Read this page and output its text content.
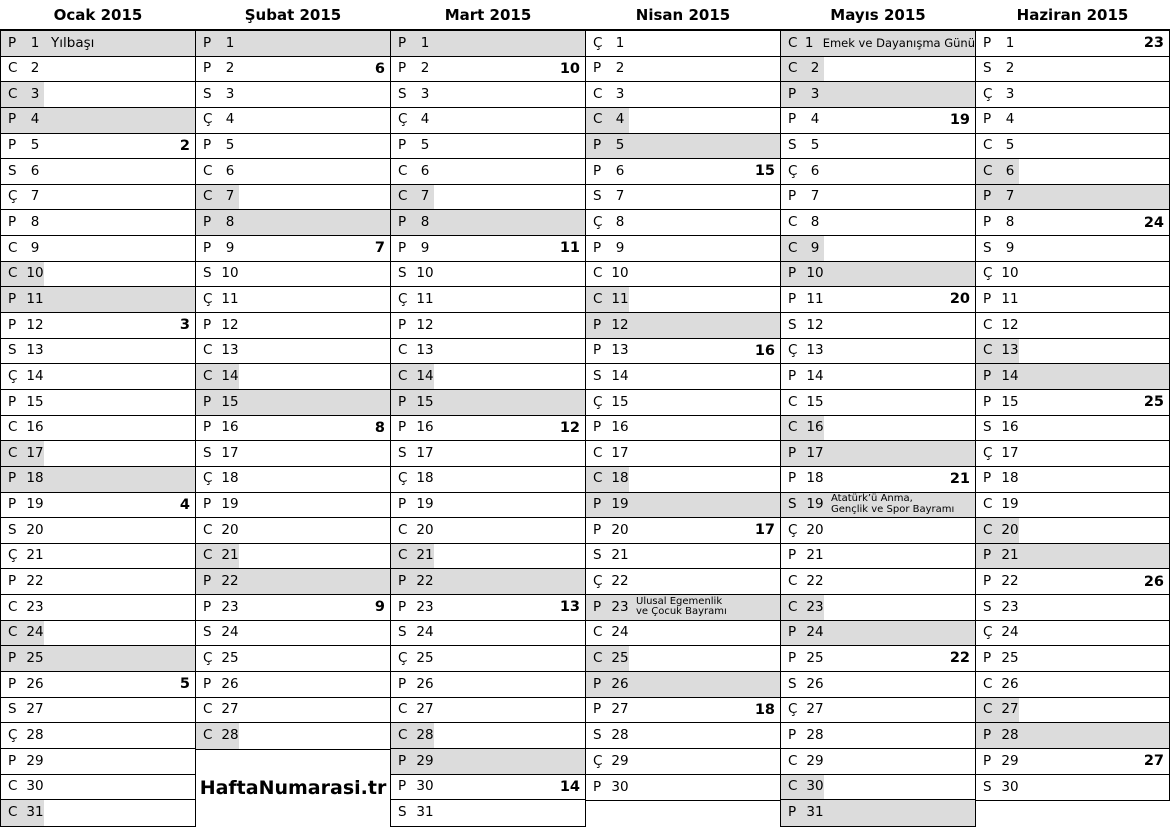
Ocak 2015
P	1 Yılbaşı
C 2
C 3
P	4
P	5	2
S	6
Ç 7
P	8
C 9
C 10
P 11
P 12	3
S 13
Ç 14
P 15
C 16
C 17
P 18
P 19	4
S 20
Ç 21
P 22
C 23
C 24
P 25
P 26	5
S 27
Ç 28
P 29
C 30
C 31
Şubat 2015
P	1
P	2	6
S	3
Ç 4
P	5
C 6
C 7
P	8
P	9	7
S 10
Ç 11
P 12
C 13
C 14
P 15
P 16	8
S 17
Ç 18
P 19
C 20
C 21
P 22
P 23	9
S 24
Ç 25
P 26
C 27
C 28
HaftaNumarasi.tr
Mart 2015
P	1
P	2	10
S	3
Ç 4
P	5
C 6
C 7
P	8
P	9	11
S 10
Ç 11
P 12
C 13
C 14
P 15
P 16	12
S 17
Ç 18
P 19
C 20
C 21
P 22
P 23	13
S 24
Ç 25
P 26
C 27
C 28
P 29
P 30	14
S 31
Nisan 2015
Ç 1
P	2
C 3
C 4
P	5
P	6	15
S	7
Ç 8
P	9
C 10
C 11
P 12
P 13	16
S 14
Ç 15
P 16
C 17
C 18
P 19
P 20	17
S 21
Ç 22
P 23 Ulusal Egemenlik
ve Çocuk Bayramı
C 24
C 25
P 26
P 27	18
S 28
Ç 29
P 30
Mayıs 2015
C 1 Emek ve Dayanışma Günü
C 2
P	3
P	4	19
S	5
Ç 6
P	7
C 8
C 9
P 10
P 11	20
S 12
Ç 13
P 14
C 15
C 16
P 17
P 18	21
S 19 Atatürk’ü Anma,
Gençlik ve Spor Bayramı
Ç 20
P 21
C 22
C 23
P 24
P 25	22
S 26
Ç 27
P 28
C 29
C 30
P 31
Haziran 2015
P	1	23
S	2
Ç 3
P	4
C 5
C 6
P	7
P	8	24
S	9
Ç 10
P 11
C 12
C 13
P 14
P 15	25
S 16
Ç 17
P 18
C 19
C 20
P 21
P 22	26
S 23
Ç 24
P 25
C 26
C 27
P 28
P 29	27
S 30
